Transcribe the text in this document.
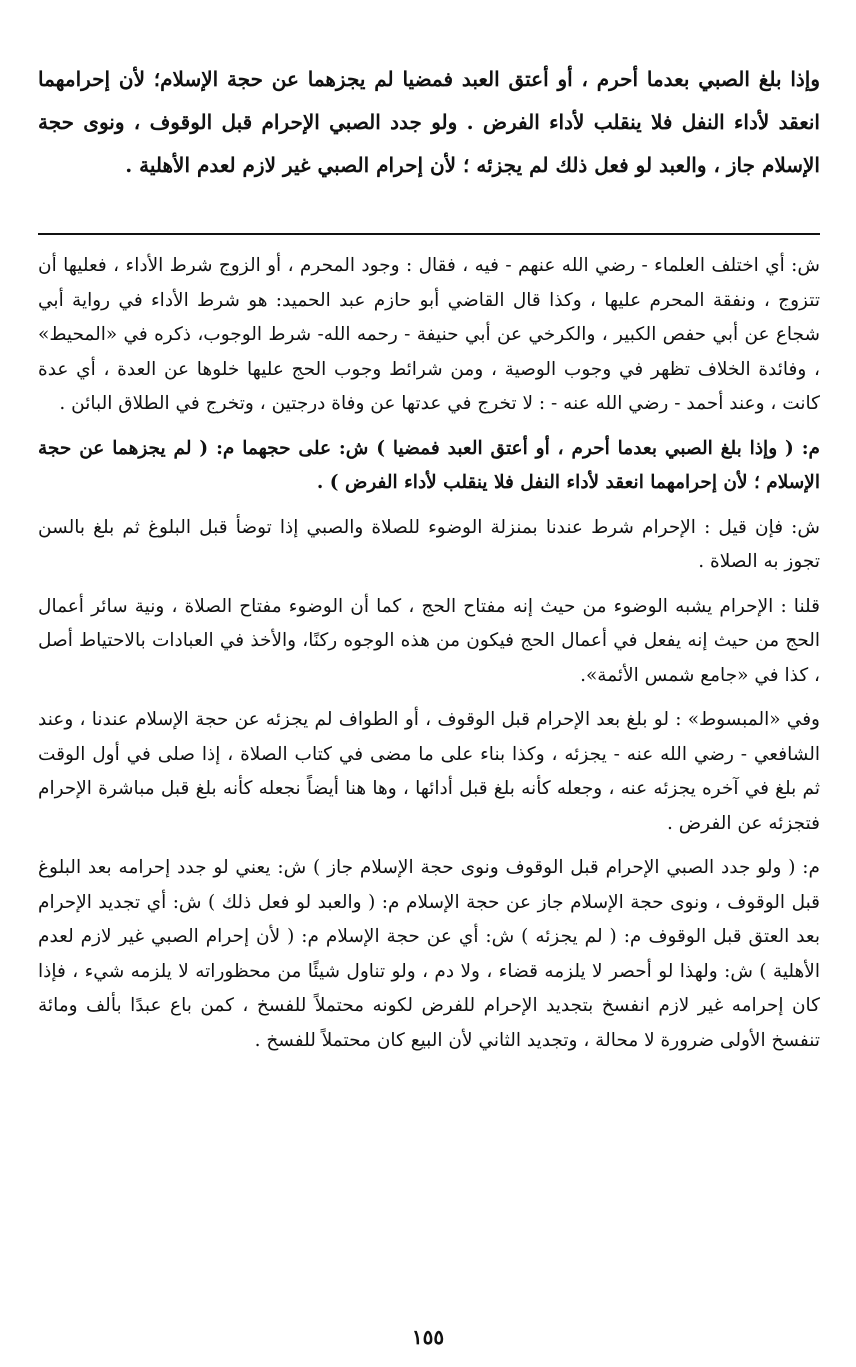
وإذا بلغ الصبي بعدما أحرم ، أو أعتق العبد فمضيا لم يجزهما عن حجة الإسلام؛ لأن إحرامهما انعقد لأداء النفل فلا ينقلب لأداء الفرض . ولو جدد الصبي الإحرام قبل الوقوف ، ونوى حجة الإسلام جاز ، والعبد لو فعل ذلك لم يجزئه ؛ لأن إحرام الصبي غير لازم لعدم الأهلية .

ش: أي اختلف العلماء - رضي الله عنهم - فيه ، فقال : وجود المحرم ، أو الزوج شرط الأداء ، فعليها أن تتزوج ، ونفقة المحرم عليها ، وكذا قال القاضي أبو حازم عبد الحميد: هو شرط الأداء في رواية أبي شجاع عن أبي حفص الكبير ، والكرخي عن أبي حنيفة - رحمه الله- شرط الوجوب، ذكره في «المحيط» ، وفائدة الخلاف تظهر في وجوب الوصية ، ومن شرائط وجوب الحج عليها خلوها عن العدة ، أي عدة كانت ، وعند أحمد - رضي الله عنه - : لا تخرج في عدتها عن وفاة درجتين ، وتخرج في الطلاق البائن .

م: ( وإذا بلغ الصبي بعدما أحرم ، أو أعتق العبد فمضيا ) ش: على حجهما م: ( لم يجزهما عن حجة الإسلام ؛ لأن إحرامهما انعقد لأداء النفل فلا ينقلب لأداء الفرض ) .

ش: فإن قيل : الإحرام شرط عندنا بمنزلة الوضوء للصلاة والصبي إذا توضأ قبل البلوغ ثم بلغ بالسن تجوز به الصلاة .

قلنا : الإحرام يشبه الوضوء من حيث إنه مفتاح الحج ، كما أن الوضوء مفتاح الصلاة ، ونية سائر أعمال الحج من حيث إنه يفعل في أعمال الحج فيكون من هذه الوجوه ركنًا، والأخذ في العبادات بالاحتياط أصل ، كذا في «جامع شمس الأئمة».

وفي «المبسوط» : لو بلغ بعد الإحرام قبل الوقوف ، أو الطواف لم يجزئه عن حجة الإسلام عندنا ، وعند الشافعي - رضي الله عنه - يجزئه ، وكذا بناء على ما مضى في كتاب الصلاة ، إذا صلى في أول الوقت ثم بلغ في آخره يجزئه عنه ، وجعله كأنه بلغ قبل أدائها ، وها هنا أيضاً نجعله كأنه بلغ قبل مباشرة الإحرام فتجزئه عن الفرض .

م: ( ولو جدد الصبي الإحرام قبل الوقوف ونوى حجة الإسلام جاز ) ش: يعني لو جدد إحرامه بعد البلوغ قبل الوقوف ، ونوى حجة الإسلام جاز عن حجة الإسلام م: ( والعبد لو فعل ذلك ) ش: أي تجديد الإحرام بعد العتق قبل الوقوف م: ( لم يجزئه ) ش: أي عن حجة الإسلام م: ( لأن إحرام الصبي غير لازم لعدم الأهلية ) ش: ولهذا لو أحصر لا يلزمه قضاء ، ولا دم ، ولو تناول شيئًا من محظوراته لا يلزمه شيء ، فإذا كان إحرامه غير لازم انفسخ بتجديد الإحرام للفرض لكونه محتملاً للفسخ ، كمن باع عبدًا بألف ومائة تنفسخ الأولى ضرورة لا محالة ، وتجديد الثاني لأن البيع كان محتملاً للفسخ .

١٥٥
